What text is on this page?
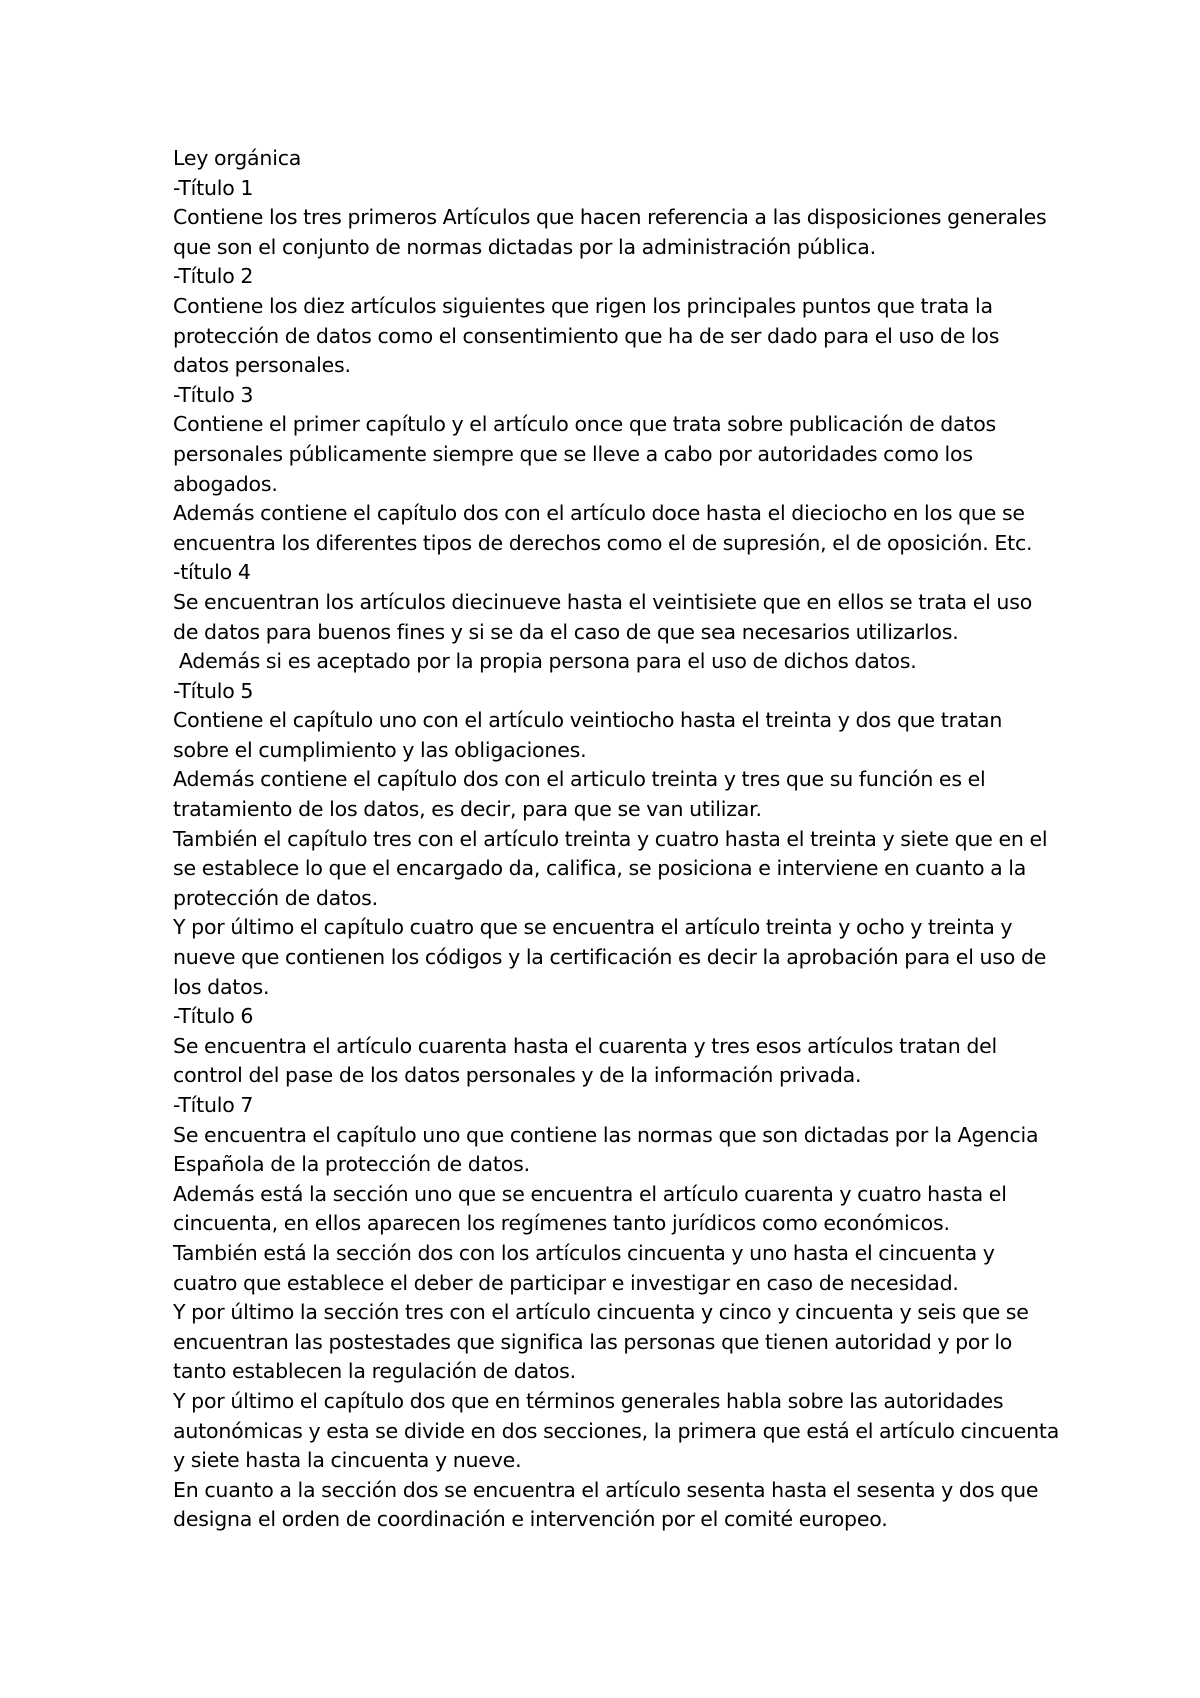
Ley orgánica
-Título 1
Contiene los tres primeros Artículos que hacen referencia a las disposiciones generales
que son el conjunto de normas dictadas por la administración pública.
-Título 2
Contiene los diez artículos siguientes que rigen los principales puntos que trata la
protección de datos como el consentimiento que ha de ser dado para el uso de los
datos personales.
-Título 3
Contiene el primer capítulo y el artículo once que trata sobre publicación de datos
personales públicamente siempre que se lleve a cabo por autoridades como los
abogados.
Además contiene el capítulo dos con el artículo doce hasta el dieciocho en los que se
encuentra los diferentes tipos de derechos como el de supresión, el de oposición. Etc.
-título 4
Se encuentran los artículos diecinueve hasta el veintisiete que en ellos se trata el uso
de datos para buenos fines y si se da el caso de que sea necesarios utilizarlos.
Además si es aceptado por la propia persona para el uso de dichos datos.
-Título 5
Contiene el capítulo uno con el artículo veintiocho hasta el treinta y dos que tratan
sobre el cumplimiento y las obligaciones.
Además contiene el capítulo dos con el articulo treinta y tres que su función es el
tratamiento de los datos, es decir, para que se van utilizar.
También el capítulo tres con el artículo treinta y cuatro hasta el treinta y siete que en el
se establece lo que el encargado da, califica, se posiciona e interviene en cuanto a la
protección de datos.
Y por último el capítulo cuatro que se encuentra el artículo treinta y ocho y treinta y
nueve que contienen los códigos y la certificación es decir la aprobación para el uso de
los datos.
-Título 6
Se encuentra el artículo cuarenta hasta el cuarenta y tres esos artículos tratan del
control del pase de los datos personales y de la información privada.
-Título 7
Se encuentra el capítulo uno que contiene las normas que son dictadas por la Agencia
Española de la protección de datos.
Además está la sección uno que se encuentra el artículo cuarenta y cuatro hasta el
cincuenta, en ellos aparecen los regímenes tanto jurídicos como económicos.
También está la sección dos con los artículos cincuenta y uno hasta el cincuenta y
cuatro que establece el deber de participar e investigar en caso de necesidad.
Y por último la sección tres con el artículo cincuenta y cinco y cincuenta y seis que se
encuentran las postestades que significa las personas que tienen autoridad y por lo
tanto establecen la regulación de datos.
Y por último el capítulo dos que en términos generales habla sobre las autoridades
autonómicas y esta se divide en dos secciones, la primera que está el artículo cincuenta
y siete hasta la cincuenta y nueve.
En cuanto a la sección dos se encuentra el artículo sesenta hasta el sesenta y dos que
designa el orden de coordinación e intervención por el comité europeo.
